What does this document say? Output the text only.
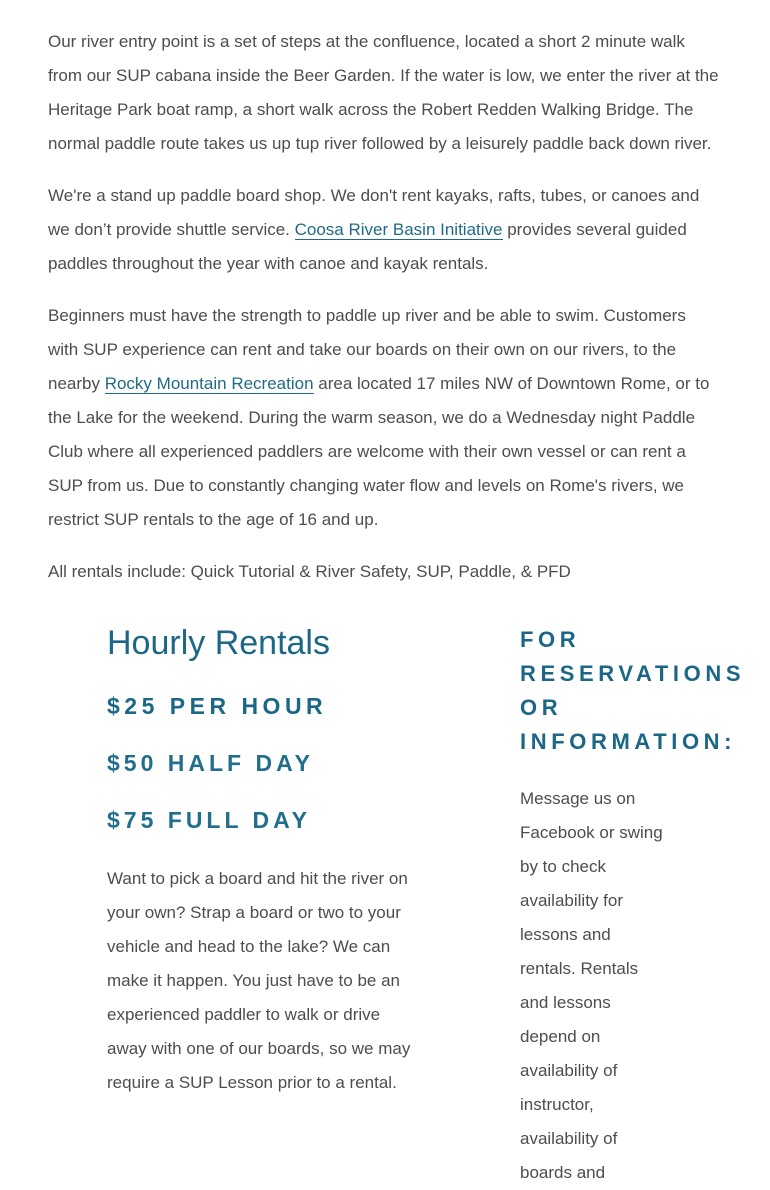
Our river entry point is a set of steps at the confluence, located a short 2 minute walk from our SUP cabana inside the Beer Garden. If the water is low, we enter the river at the Heritage Park boat ramp, a short walk across the Robert Redden Walking Bridge. The normal paddle route takes us up tup river followed by a leisurely paddle back down river.

We're a stand up paddle board shop. We don't rent kayaks, rafts, tubes, or canoes and we don’t provide shuttle service. Coosa River Basin Initiative provides several guided paddles throughout the year with canoe and kayak rentals.

Beginners must have the strength to paddle up river and be able to swim. Customers with SUP experience can rent and take our boards on their own on our rivers, to the nearby Rocky Mountain Recreation area located 17 miles NW of Downtown Rome, or to the Lake for the weekend. During the warm season, we do a Wednesday night Paddle Club where all experienced paddlers are welcome with their own vessel or can rent a SUP from us. Due to constantly changing water flow and levels on Rome's rivers, we restrict SUP rentals to the age of 16 and up.

All rentals include: Quick Tutorial & River Safety, SUP, Paddle, & PFD

Hourly Rentals

$25 PER HOUR

$50 HALF DAY

$75 FULL DAY

Want to pick a board and hit the river on your own? Strap a board or two to your vehicle and head to the lake? We can make it happen. You just have to be an experienced paddler to walk or drive away with one of our boards, so we may require a SUP Lesson prior to a rental.

FOR RESERVATIONS OR INFORMATION:

Message us on Facebook or swing by to check availability for lessons and rentals. Rentals and lessons depend on availability of instructor, availability of boards and
